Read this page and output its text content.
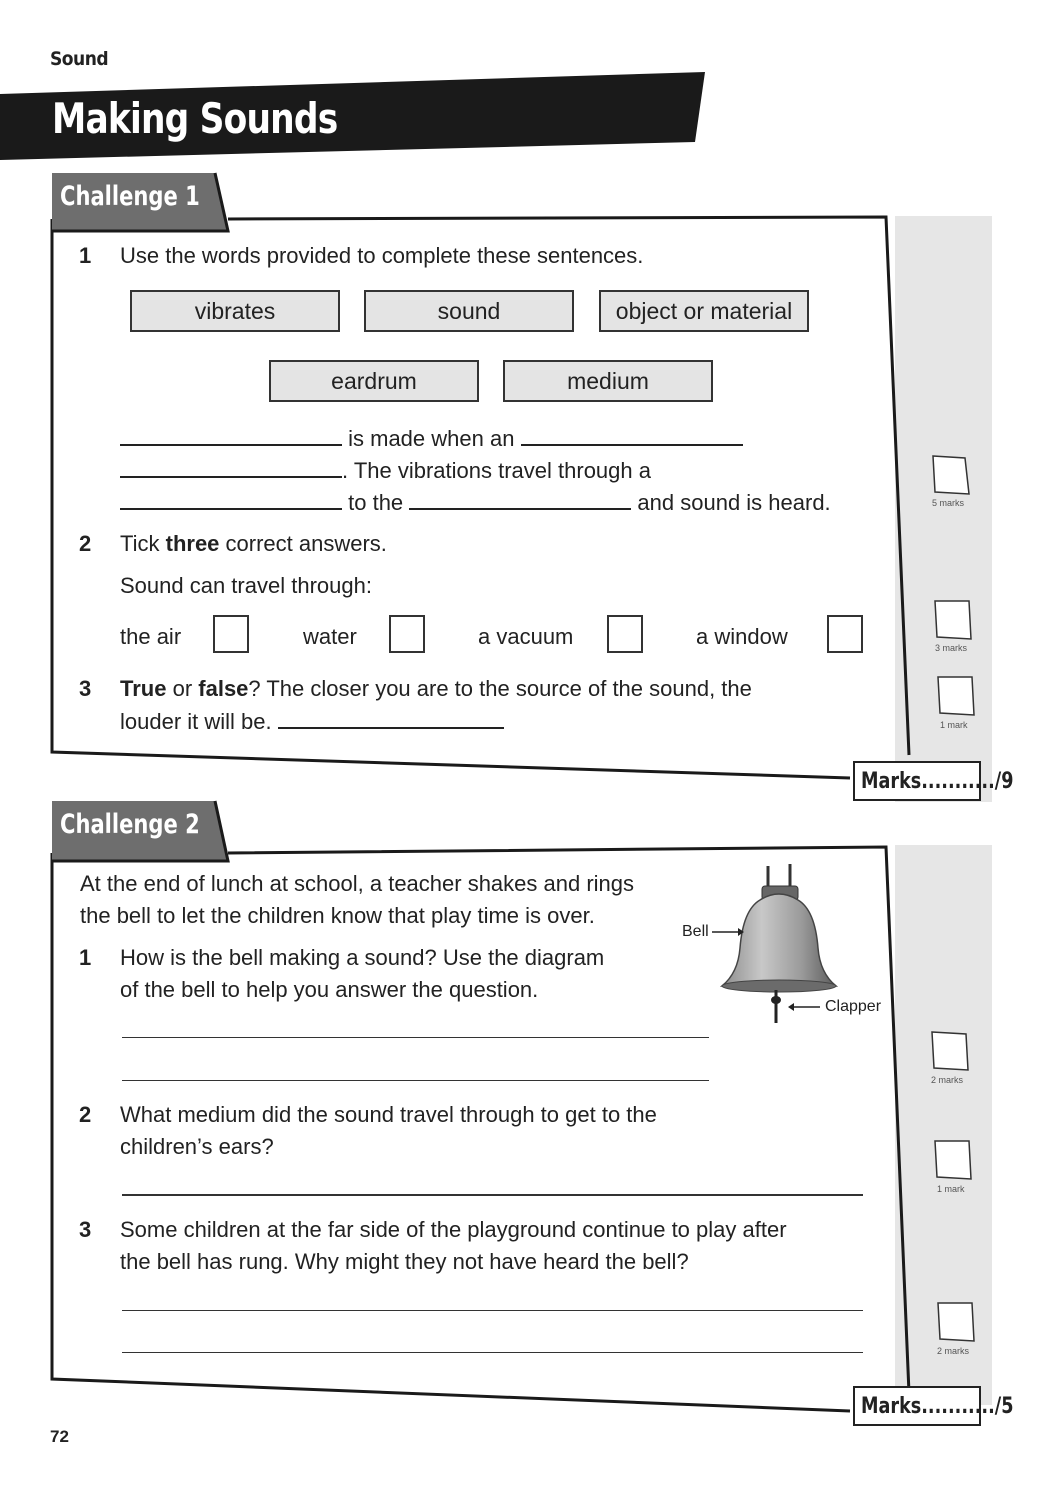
Sound
Making Sounds
Challenge 1
1 Use the words provided to complete these sentences.
vibrates	sound	object or material
eardrum	medium
is made when an
. The vibrations travel through a
to the	and sound is heard.	5 marks
2 Tick three correct answers.
Sound can travel through:
the air	water	a vacuum	a window	3 marks
3 True or false? The closer you are to the source of the sound, the
louder it will be.	1 mark
Marks.........../9
Challenge 2
At the end of lunch at school, a teacher shakes and rings
the bell to let the children know that play time is over.
Bell
Clapper
1 How is the bell making a sound? Use the diagram
of the bell to help you answer the question.
2 marks
2 What medium did the sound travel through to get to the
children’s ears?
1 mark
3 Some children at the far side of the playground continue to play after
the bell has rung. Why might they not have heard the bell?
2 marks
Marks.........../5
72
